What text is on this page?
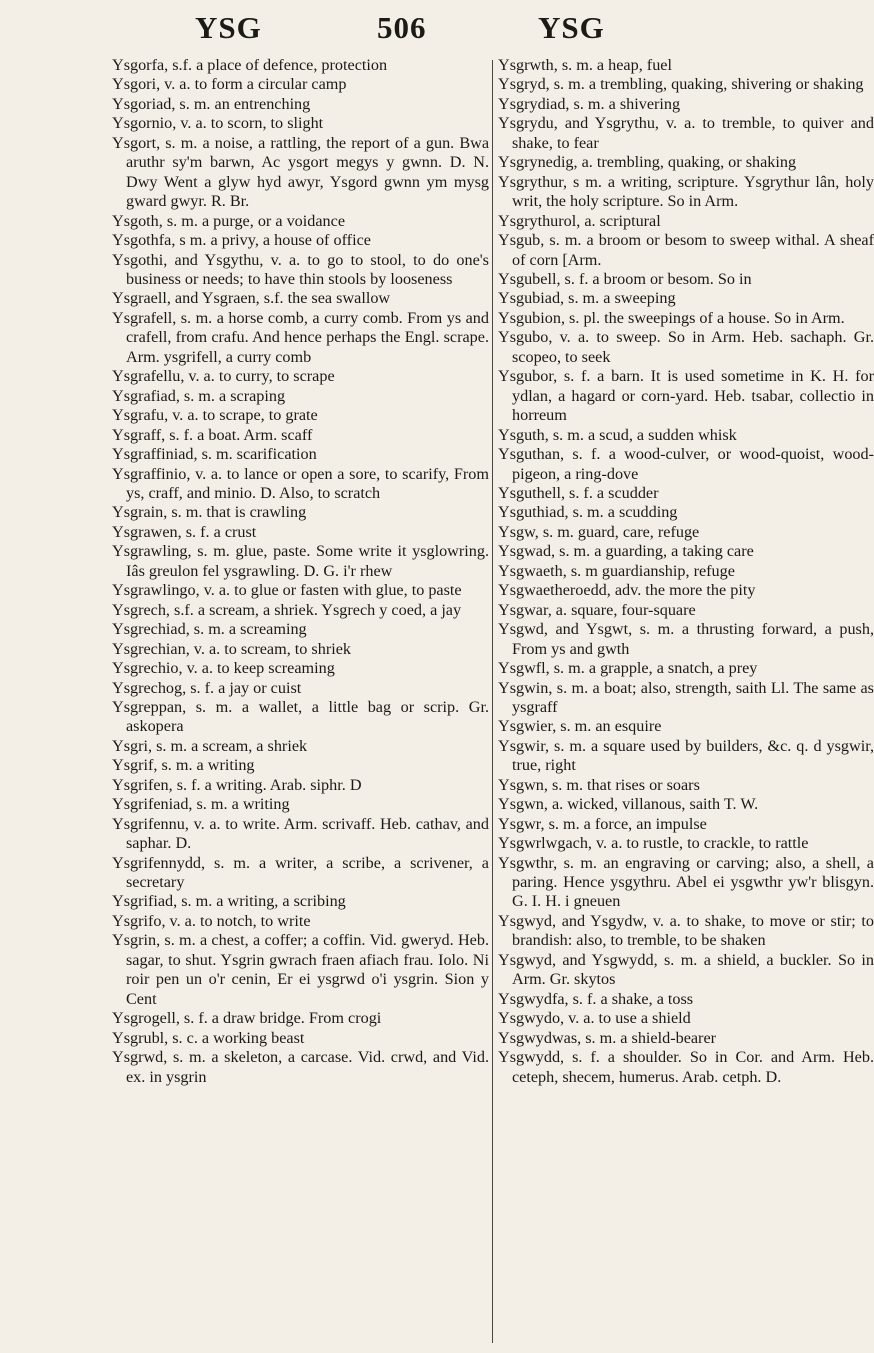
YSG	506	YSG

Ysgorfa, s.f. a place of defence, protection

Ysgori, v. a. to form a circular camp

Ysgoriad, s. m. an entrenching

Ysgornio, v. a. to scorn, to slight

Ysgort, s. m. a noise, a rattling, the report of a gun. Bwa aruthr sy'm barwn, Ac ysgort megys y gwnn. D. N. Dwy Went a glyw hyd awyr, Ysgord gwnn ym mysg gward gwyr. R. Br.

Ysgoth, s. m. a purge, or a voidance

Ysgothfa, s m. a privy, a house of office

Ysgothi, and Ysgythu, v. a. to go to stool, to do one's business or needs; to have thin stools by looseness

Ysgraell, and Ysgraen, s.f. the sea swallow

Ysgrafell, s. m. a horse comb, a curry comb. From ys and crafell, from crafu. And hence perhaps the Engl. scrape. Arm. ysgrifell, a curry comb

Ysgrafellu, v. a. to curry, to scrape

Ysgrafiad, s. m. a scraping

Ysgrafu, v. a. to scrape, to grate

Ysgraff, s. f. a boat. Arm. scaff

Ysgraffiniad, s. m. scarification

Ysgraffinio, v. a. to lance or open a sore, to scarify, From ys, craff, and minio. D. Also, to scratch

Ysgrain, s. m. that is crawling

Ysgrawen, s. f. a crust

Ysgrawling, s. m. glue, paste. Some write it ysglowring. Iâs greulon fel ysgrawling. D. G. i'r rhew

Ysgrawlingo, v. a. to glue or fasten with glue, to paste

Ysgrech, s.f. a scream, a shriek. Ysgrech y coed, a jay

Ysgrechiad, s. m. a screaming

Ysgrechian, v. a. to scream, to shriek

Ysgrechio, v. a. to keep screaming

Ysgrechog, s. f. a jay or cuist

Ysgreppan, s. m. a wallet, a little bag or scrip. Gr. askopera

Ysgri, s. m. a scream, a shriek

Ysgrif, s. m. a writing

Ysgrifen, s. f. a writing. Arab. siphr. D

Ysgrifeniad, s. m. a writing

Ysgrifennu, v. a. to write. Arm. scrivaff. Heb. cathav, and saphar. D.

Ysgrifennydd, s. m. a writer, a scribe, a scrivener, a secretary

Ysgrifiad, s. m. a writing, a scribing

Ysgrifo, v. a. to notch, to write

Ysgrin, s. m. a chest, a coffer; a coffin. Vid. gweryd. Heb. sagar, to shut. Ysgrin gwrach fraen afiach frau. Iolo. Ni roir pen un o'r cenin, Er ei ysgrwd o'i ysgrin. Sion y Cent

Ysgrogell, s. f. a draw bridge. From crogi

Ysgrubl, s. c. a working beast

Ysgrwd, s. m. a skeleton, a carcase. Vid. crwd, and Vid. ex. in ysgrin

Ysgrwth, s. m. a heap, fuel

Ysgryd, s. m. a trembling, quaking, shivering or shaking

Ysgrydiad, s. m. a shivering

Ysgrydu, and Ysgrythu, v. a. to tremble, to quiver and shake, to fear

Ysgrynedig, a. trembling, quaking, or shaking

Ysgrythur, s m. a writing, scripture. Ysgrythur lân, holy writ, the holy scripture. So in Arm.

Ysgrythurol, a. scriptural

Ysgub, s. m. a broom or besom to sweep withal. A sheaf of corn [Arm.

Ysgubell, s. f. a broom or besom. So in

Ysgubiad, s. m. a sweeping

Ysgubion, s. pl. the sweepings of a house. So in Arm.

Ysgubo, v. a. to sweep. So in Arm. Heb. sachaph. Gr. scopeo, to seek

Ysgubor, s. f. a barn. It is used sometime in K. H. for ydlan, a hagard or corn-yard. Heb. tsabar, collectio in horreum

Ysguth, s. m. a scud, a sudden whisk

Ysguthan, s. f. a wood-culver, or wood-quoist, wood-pigeon, a ring-dove

Ysguthell, s. f. a scudder

Ysguthiad, s. m. a scudding

Ysgw, s. m. guard, care, refuge

Ysgwad, s. m. a guarding, a taking care

Ysgwaeth, s. m guardianship, refuge

Ysgwaetheroedd, adv. the more the pity

Ysgwar, a. square, four-square

Ysgwd, and Ysgwt, s. m. a thrusting forward, a push, From ys and gwth

Ysgwfl, s. m. a grapple, a snatch, a prey

Ysgwin, s. m. a boat; also, strength, saith Ll. The same as ysgraff

Ysgwier, s. m. an esquire

Ysgwir, s. m. a square used by builders, &c. q. d ysgwir, true, right

Ysgwn, s. m. that rises or soars

Ysgwn, a. wicked, villanous, saith T. W.

Ysgwr, s. m. a force, an impulse

Ysgwrlwgach, v. a. to rustle, to crackle, to rattle

Ysgwthr, s. m. an engraving or carving; also, a shell, a paring. Hence ysgythru. Abel ei ysgwthr yw'r blisgyn. G. I. H. i gneuen

Ysgwyd, and Ysgydw, v. a. to shake, to move or stir; to brandish: also, to tremble, to be shaken

Ysgwyd, and Ysgwydd, s. m. a shield, a buckler. So in Arm. Gr. skytos

Ysgwydfa, s. f. a shake, a toss

Ysgwydo, v. a. to use a shield

Ysgwydwas, s. m. a shield-bearer

Ysgwydd, s. f. a shoulder. So in Cor. and Arm. Heb. ceteph, shecem, humerus. Arab. cetph. D.
